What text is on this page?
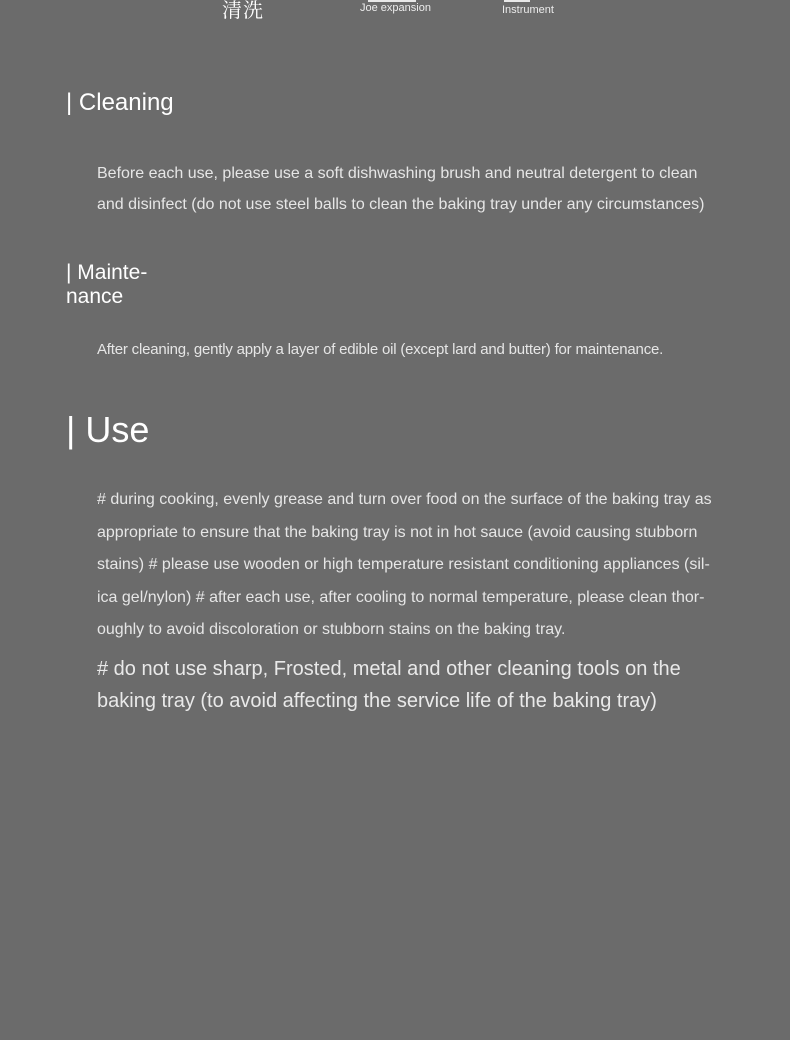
清洗	Joe expansion	Instrument
| Cleaning

Before each use, please use a soft dishwashing brush and neutral detergent to clean and disinfect (do not use steel balls to clean the baking tray under any circumstances)

| Mainte-
nance

After cleaning, gently apply a layer of edible oil (except lard and butter) for maintenance.

| Use

# during cooking, evenly grease and turn over food on the surface of the baking tray as appropriate to ensure that the baking tray is not in hot sauce (avoid causing stubborn stains) # please use wooden or high temperature resistant conditioning appliances (sil-ica gel/nylon) # after each use, after cooling to normal temperature, please clean thor-oughly to avoid discoloration or stubborn stains on the baking tray.

# do not use sharp, Frosted, metal and other cleaning tools on the baking tray (to avoid affecting the service life of the baking tray)
